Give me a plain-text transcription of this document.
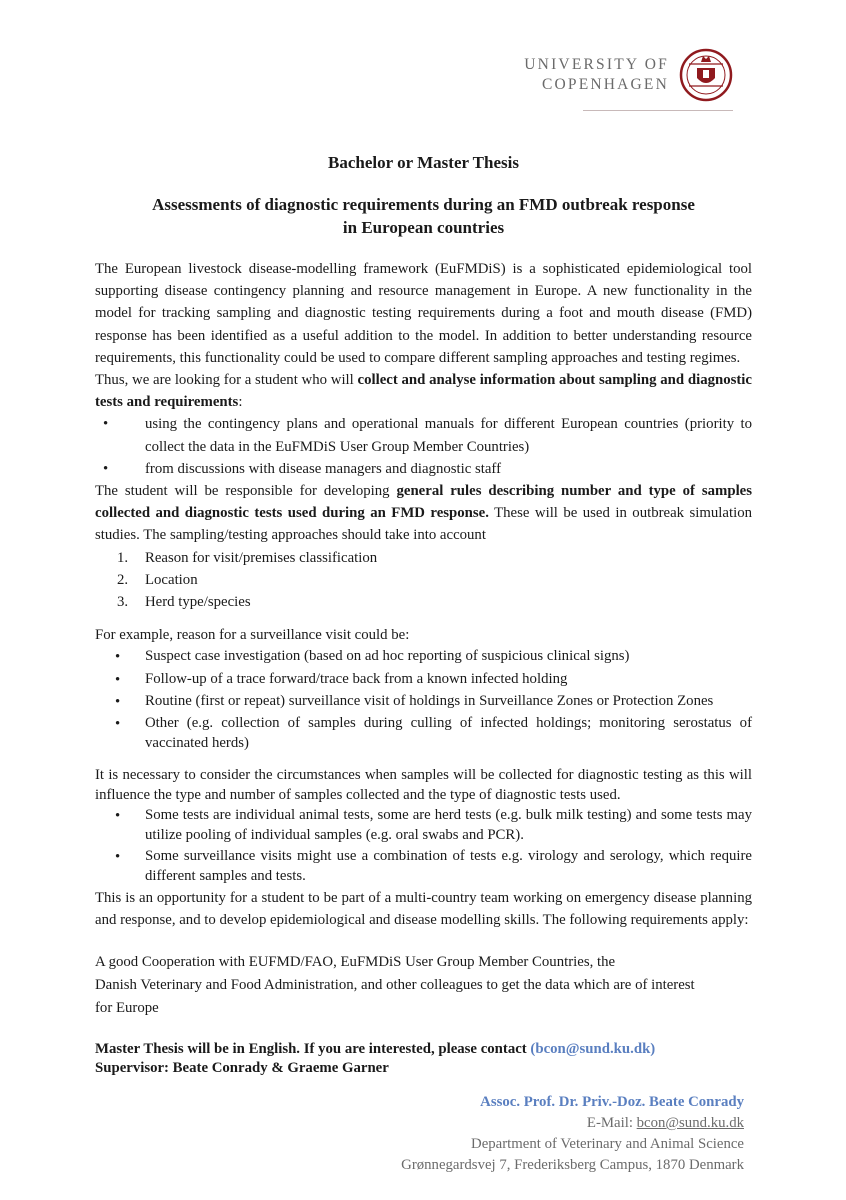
UNIVERSITY OF
COPENHAGEN
Bachelor or Master Thesis
Assessments of diagnostic requirements during an FMD outbreak response
in European countries

The European livestock disease-modelling framework (EuFMDiS) is a sophisticated epidemiological tool supporting disease contingency planning and resource management in Europe. A new functionality in the model for tracking sampling and diagnostic testing requirements during a foot and mouth disease (FMD) response has been identified as a useful addition to the model. In addition to better understanding resource requirements, this functionality could be used to compare different sampling approaches and testing regimes.

Thus, we are looking for a student who will collect and analyse information about sampling and diagnostic tests and requirements:

•	using the contingency plans and operational manuals for different European countries (priority to collect the data in the EuFMDiS User Group Member Countries)
•	from discussions with disease managers and diagnostic staff

The student will be responsible for developing general rules describing number and type of samples collected and diagnostic tests used during an FMD response. These will be used in outbreak simulation studies. The sampling/testing approaches should take into account

1.	Reason for visit/premises classification
2.	Location
3.	Herd type/species

For example, reason for a surveillance visit could be:

•	Suspect case investigation (based on ad hoc reporting of suspicious clinical signs)
•	Follow-up of a trace forward/trace back from a known infected holding
•	Routine (first or repeat) surveillance visit of holdings in Surveillance Zones or Protection Zones
•	Other (e.g. collection of samples during culling of infected holdings; monitoring serostatus of vaccinated herds)

It is necessary to consider the circumstances when samples will be collected for diagnostic testing as this will influence the type and number of samples collected and the type of diagnostic tests used.

•	Some tests are individual animal tests, some are herd tests (e.g. bulk milk testing) and some tests may utilize pooling of individual samples (e.g. oral swabs and PCR).
•	Some surveillance visits might use a combination of tests e.g. virology and serology, which require different samples and tests.

This is an opportunity for a student to be part of a multi-country team working on emergency disease planning and response, and to develop epidemiological and disease modelling skills. The following requirements apply:

A good Cooperation with EUFMD/FAO, EuFMDiS User Group Member Countries, the
Danish Veterinary and Food Administration, and other colleagues to get the data which are of interest
for Europe
Master Thesis will be in English. If you are interested, please contact (bcon@sund.ku.dk)
Supervisor: Beate Conrady & Graeme Garner
Assoc. Prof. Dr. Priv.-Doz. Beate Conrady
E-Mail: bcon@sund.ku.dk
Department of Veterinary and Animal Science
Grønnegardsvej 7, Frederiksberg Campus, 1870 Denmark
